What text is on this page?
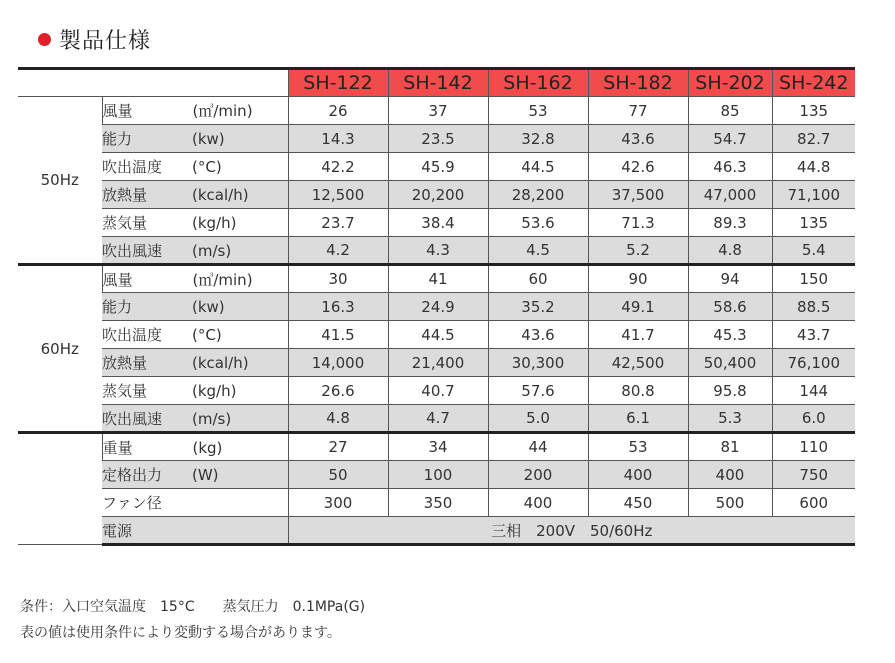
製品仕様
		SH-122	SH-142	SH-162	SH-182	SH-202	SH-242
50Hz	風量 (㎥/min)	26	37	53	77	85	135
	能力 (kw)	14.3	23.5	32.8	43.6	54.7	82.7
	吹出温度 (°C)	42.2	45.9	44.5	42.6	46.3	44.8
	放熱量 (kcal/h)	12,500	20,200	28,200	37,500	47,000	71,100
	蒸気量 (kg/h)	23.7	38.4	53.6	71.3	89.3	135
	吹出風速 (m/s)	4.2	4.3	4.5	5.2	4.8	5.4
60Hz	風量 (㎥/min)	30	41	60	90	94	150
	能力 (kw)	16.3	24.9	35.2	49.1	58.6	88.5
	吹出温度 (°C)	41.5	44.5	43.6	41.7	45.3	43.7
	放熱量 (kcal/h)	14,000	21,400	30,300	42,500	50,400	76,100
	蒸気量 (kg/h)	26.6	40.7	57.6	80.8	95.8	144
	吹出風速 (m/s)	4.8	4.7	5.0	6.1	5.3	6.0
	重量 (kg)	27	34	44	53	81	110
	定格出力 (W)	50	100	200	400	400	750
	ファン径	300	350	400	450	500	600
	電源	三相　200V　50/60Hz					
条件：入口空気温度　15°C　　蒸気圧力　0.1MPa(G)
表の値は使用条件により変動する場合があります。
